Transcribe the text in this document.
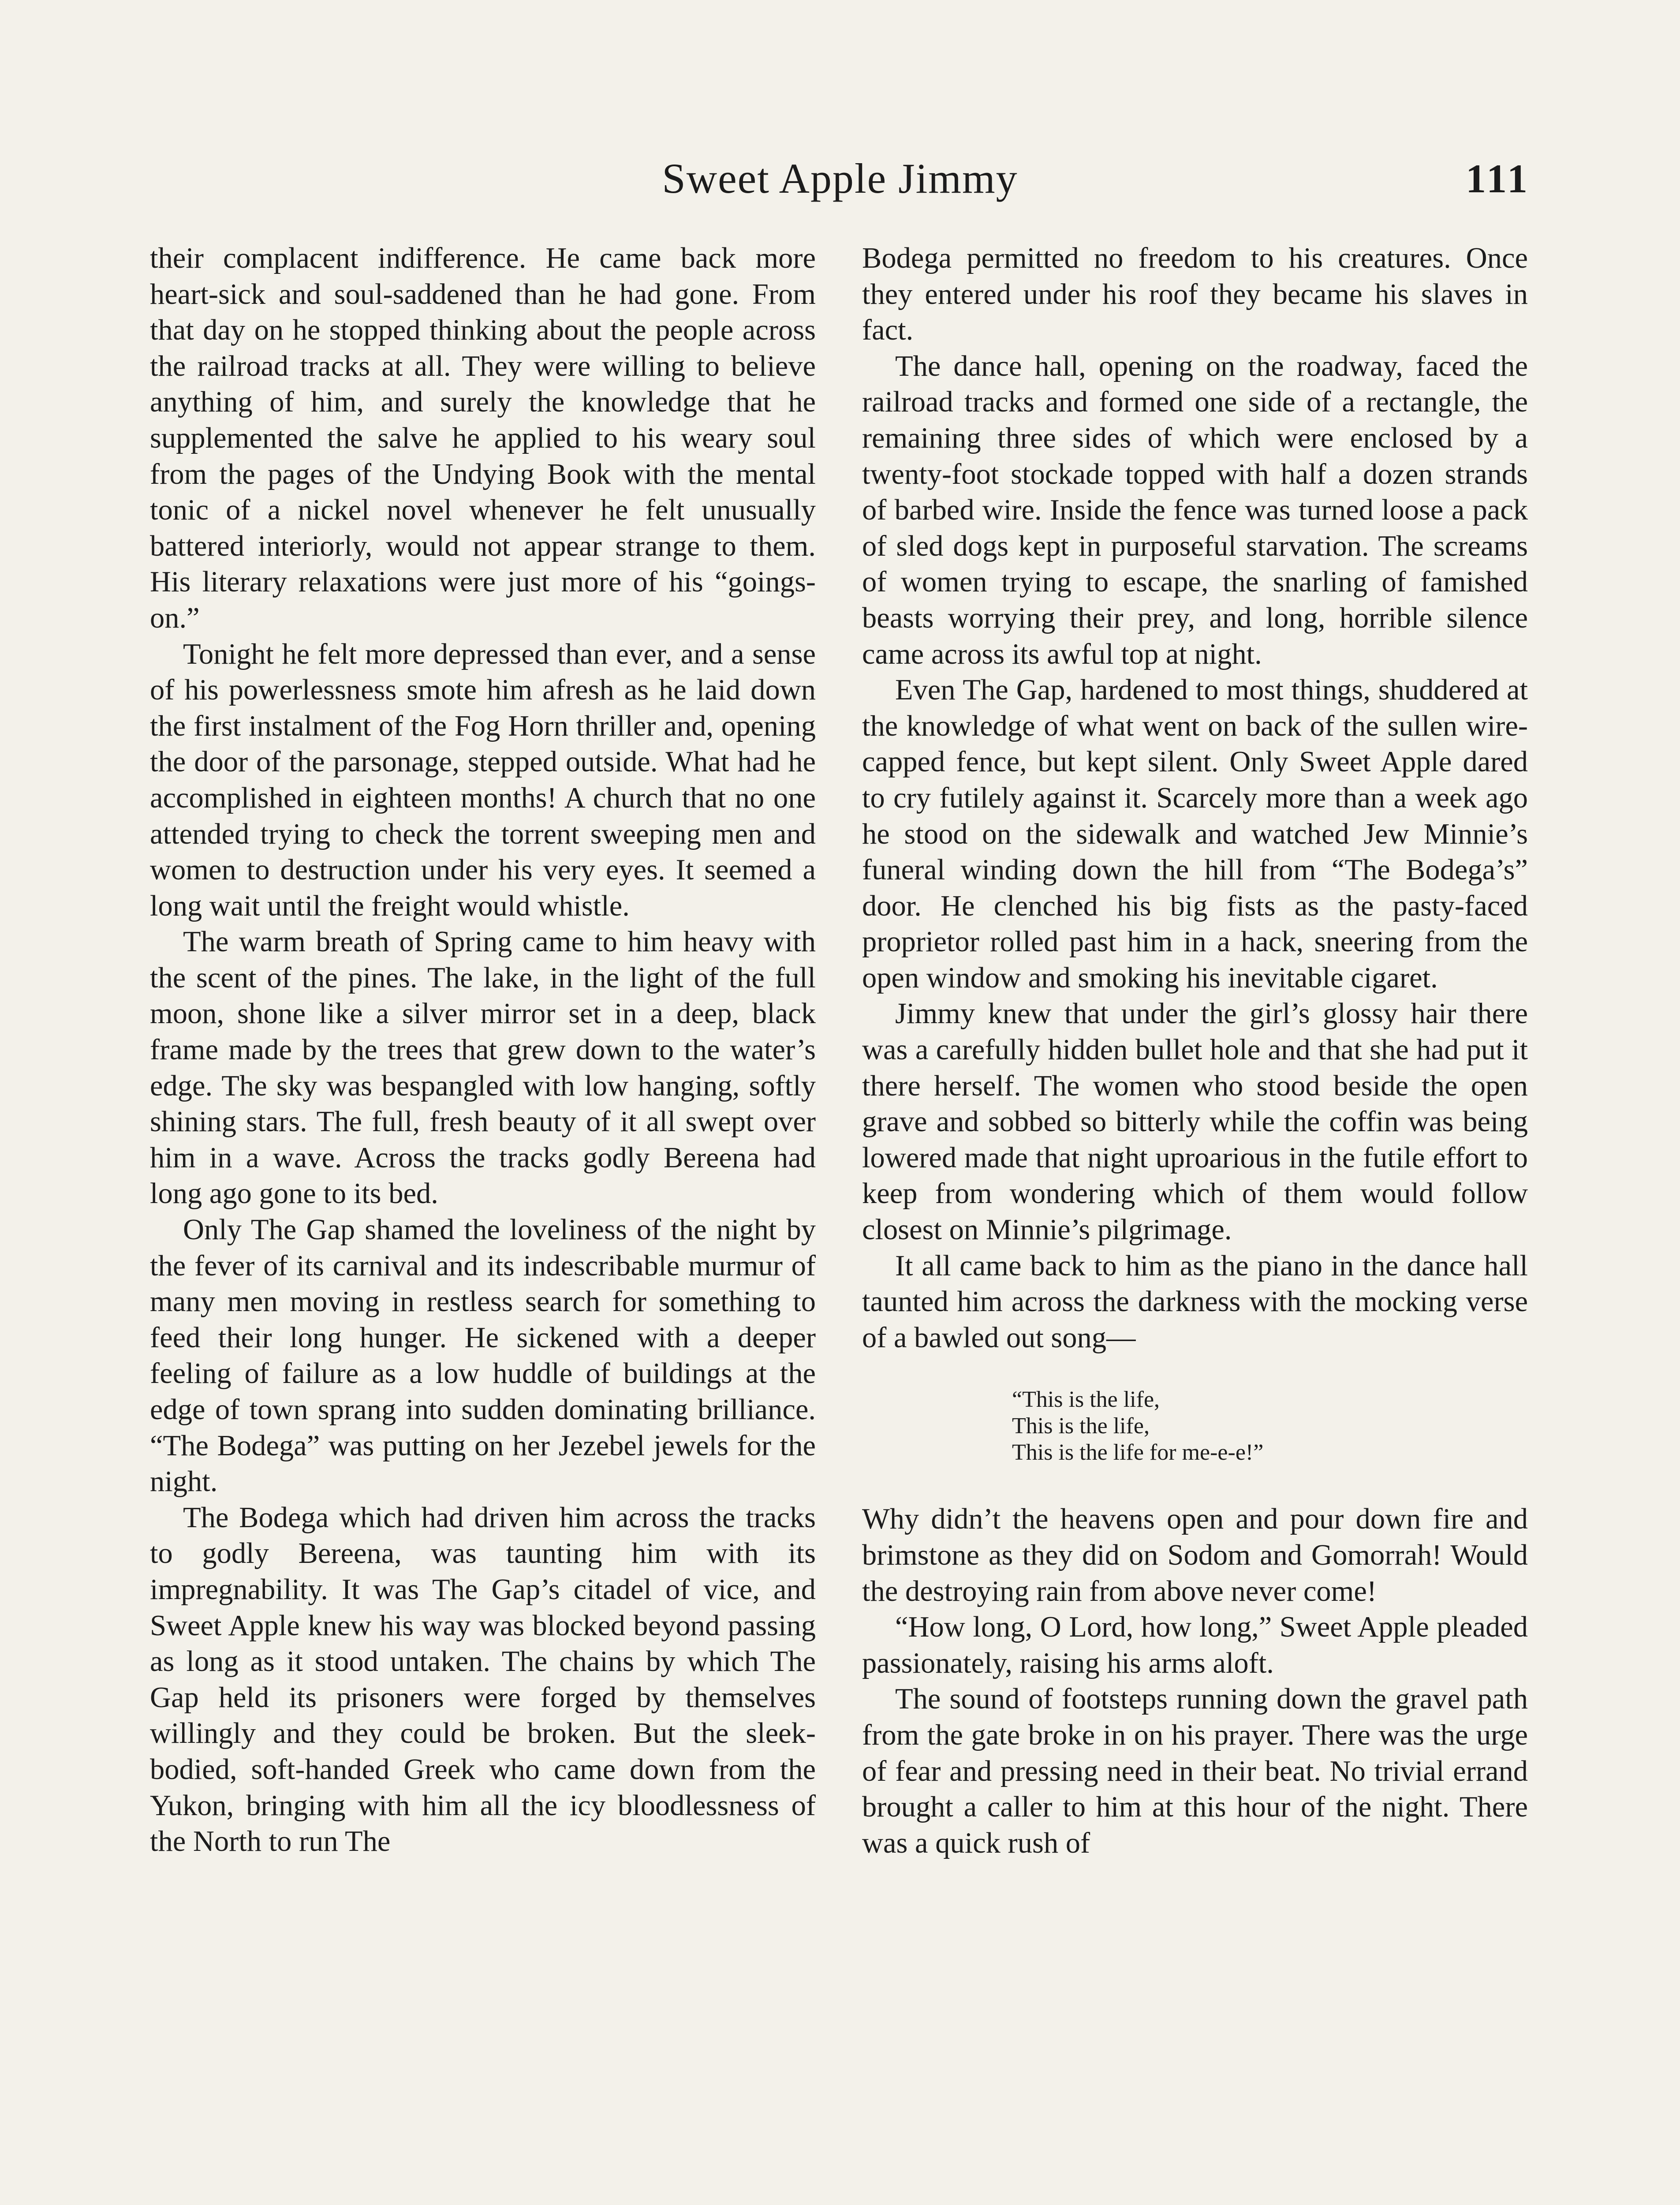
Sweet Apple Jimmy	111

their complacent indifference. He came back more heart-sick and soul-saddened than he had gone. From that day on he stopped thinking about the people across the railroad tracks at all. They were willing to believe anything of him, and surely the knowledge that he supplemented the salve he applied to his weary soul from the pages of the Undying Book with the mental tonic of a nickel novel whenever he felt unusually battered interiorly, would not appear strange to them. His literary relaxations were just more of his “goings-on.”

Tonight he felt more depressed than ever, and a sense of his powerlessness smote him afresh as he laid down the first instalment of the Fog Horn thriller and, opening the door of the parsonage, stepped outside. What had he accomplished in eighteen months! A church that no one attended trying to check the torrent sweeping men and women to destruction under his very eyes. It seemed a long wait until the freight would whistle.

The warm breath of Spring came to him heavy with the scent of the pines. The lake, in the light of the full moon, shone like a silver mirror set in a deep, black frame made by the trees that grew down to the water’s edge. The sky was bespangled with low hanging, softly shining stars. The full, fresh beauty of it all swept over him in a wave. Across the tracks godly Bereena had long ago gone to its bed.

Only The Gap shamed the loveliness of the night by the fever of its carnival and its indescribable murmur of many men moving in restless search for something to feed their long hunger. He sickened with a deeper feeling of failure as a low huddle of buildings at the edge of town sprang into sudden dominating brilliance. “The Bodega” was putting on her Jezebel jewels for the night.

The Bodega which had driven him across the tracks to godly Bereena, was taunting him with its impregnability. It was The Gap’s citadel of vice, and Sweet Apple knew his way was blocked beyond passing as long as it stood untaken. The chains by which The Gap held its prisoners were forged by themselves willingly and they could be broken. But the sleek-bodied, soft-handed Greek who came down from the Yukon, bringing with him all the icy bloodlessness of the North to run The

Bodega permitted no freedom to his creatures. Once they entered under his roof they became his slaves in fact.

The dance hall, opening on the roadway, faced the railroad tracks and formed one side of a rectangle, the remaining three sides of which were enclosed by a twenty-foot stockade topped with half a dozen strands of barbed wire. Inside the fence was turned loose a pack of sled dogs kept in purposeful starvation. The screams of women trying to escape, the snarling of famished beasts worrying their prey, and long, horrible silence came across its awful top at night.

Even The Gap, hardened to most things, shuddered at the knowledge of what went on back of the sullen wire-capped fence, but kept silent. Only Sweet Apple dared to cry futilely against it. Scarcely more than a week ago he stood on the sidewalk and watched Jew Minnie’s funeral winding down the hill from “The Bodega’s” door. He clenched his big fists as the pasty-faced proprietor rolled past him in a hack, sneering from the open window and smoking his inevitable cigaret.

Jimmy knew that under the girl’s glossy hair there was a carefully hidden bullet hole and that she had put it there herself. The women who stood beside the open grave and sobbed so bitterly while the coffin was being lowered made that night uproarious in the futile effort to keep from wondering which of them would follow closest on Minnie’s pilgrimage.

It all came back to him as the piano in the dance hall taunted him across the darkness with the mocking verse of a bawled out song—

“This is the life,
This is the life,
This is the life for me-e-e!”

Why didn’t the heavens open and pour down fire and brimstone as they did on Sodom and Gomorrah! Would the destroying rain from above never come!

“How long, O Lord, how long,” Sweet Apple pleaded passionately, raising his arms aloft.

The sound of footsteps running down the gravel path from the gate broke in on his prayer. There was the urge of fear and pressing need in their beat. No trivial errand brought a caller to him at this hour of the night. There was a quick rush of
